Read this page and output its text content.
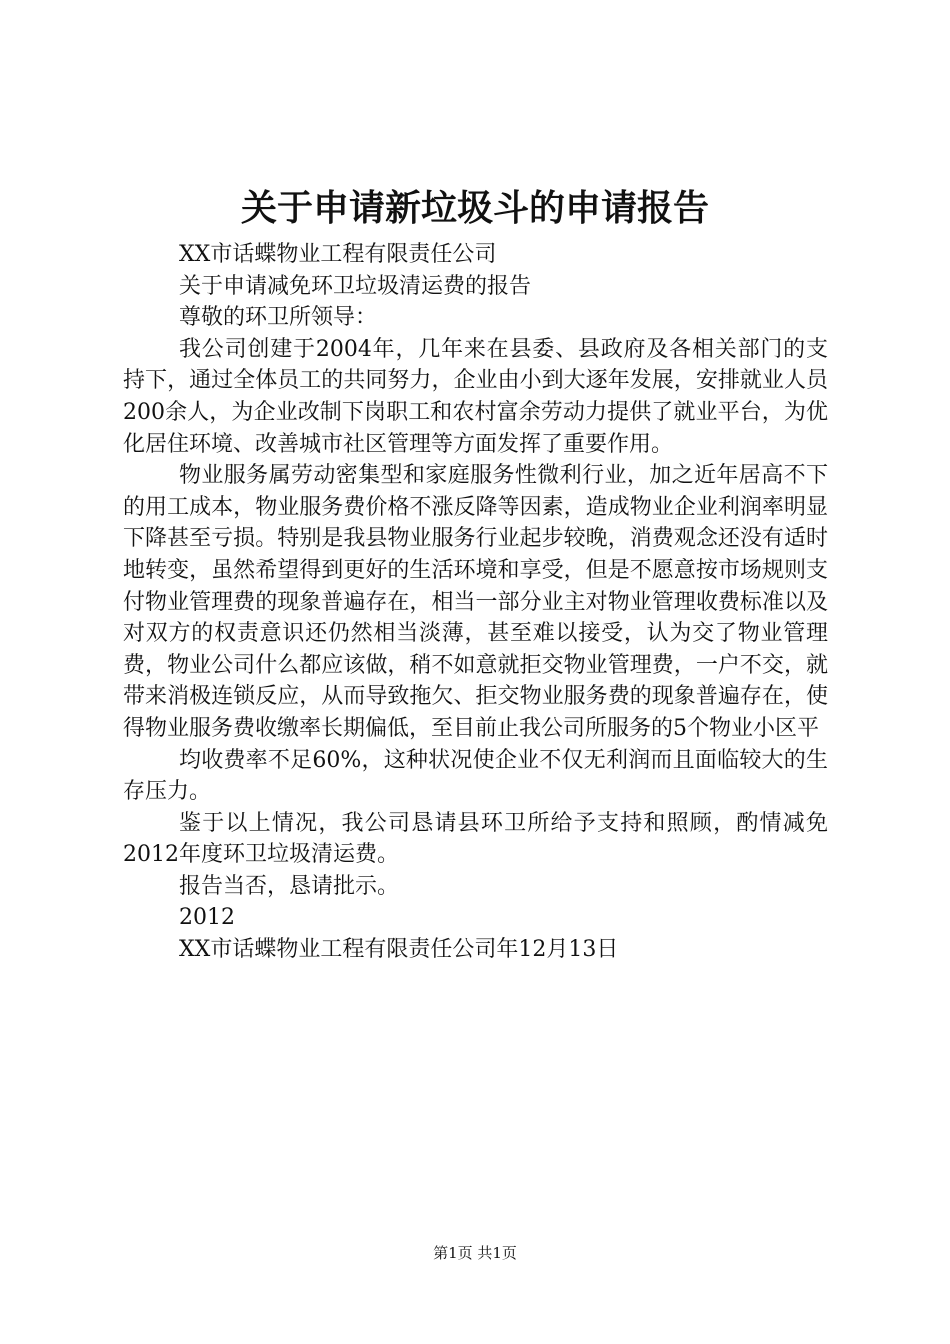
关于申请新垃圾斗的申请报告

XX市话蝶物业工程有限责任公司

关于申请减免环卫垃圾清运费的报告

尊敬的环卫所领导：

我公司创建于2004年，几年来在县委、县政府及各相关部门的支持下，通过全体员工的共同努力，企业由小到大逐年发展，安排就业人员200余人，为企业改制下岗职工和农村富余劳动力提供了就业平台，为优化居住环境、改善城市社区管理等方面发挥了重要作用。

物业服务属劳动密集型和家庭服务性微利行业，加之近年居高不下的用工成本，物业服务费价格不涨反降等因素，造成物业企业利润率明显下降甚至亏损。特别是我县物业服务行业起步较晚，消费观念还没有适时地转变，虽然希望得到更好的生活环境和享受，但是不愿意按市场规则支付物业管理费的现象普遍存在，相当一部分业主对物业管理收费标准以及对双方的权责意识还仍然相当淡薄，甚至难以接受，认为交了物业管理费，物业公司什么都应该做，稍不如意就拒交物业管理费，一户不交，就带来消极连锁反应，从而导致拖欠、拒交物业服务费的现象普遍存在，使得物业服务费收缴率长期偏低，至目前止我公司所服务的5个物业小区平

均收费率不足60%，这种状况使企业不仅无利润而且面临较大的生存压力。

鉴于以上情况，我公司恳请县环卫所给予支持和照顾，酌情减免2012年度环卫垃圾清运费。

报告当否，恳请批示。

2012

XX市话蝶物业工程有限责任公司年12月13日

第1页 共1页
